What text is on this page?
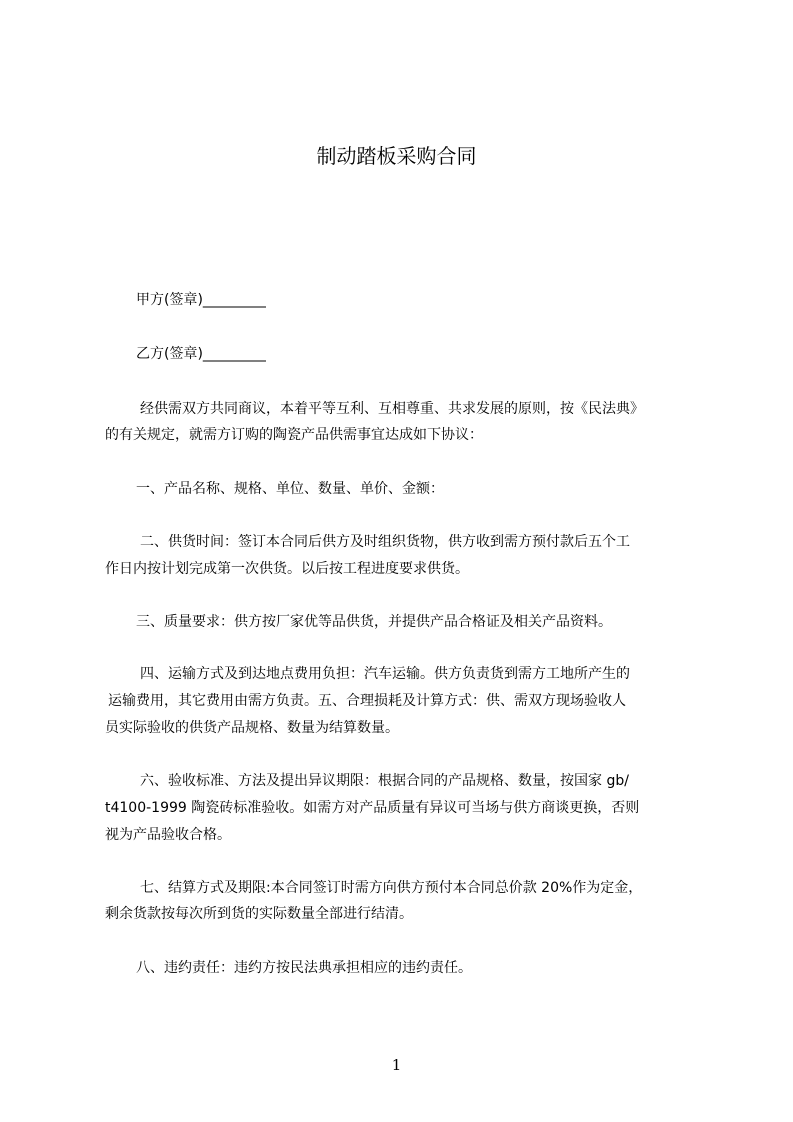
制动踏板采购合同
甲方(签章)_________
乙方(签章)_________
经供需双方共同商议，本着平等互利、互相尊重、共求发展的原则，按《民法典》
的有关规定，就需方订购的陶瓷产品供需事宜达成如下协议：
一、产品名称、规格、单位、数量、单价、金额：
二、供货时间：签订本合同后供方及时组织货物，供方收到需方预付款后五个工
作日内按计划完成第一次供货。以后按工程进度要求供货。
三、质量要求：供方按厂家优等品供货，并提供产品合格证及相关产品资料。
四、运输方式及到达地点费用负担：汽车运输。供方负责货到需方工地所产生的
运输费用，其它费用由需方负责。五、合理损耗及计算方式：供、需双方现场验收人
员实际验收的供货产品规格、数量为结算数量。
六、验收标准、方法及提出异议期限：根据合同的产品规格、数量，按国家 gb/
t4100-1999 陶瓷砖标准验收。如需方对产品质量有异议可当场与供方商谈更换，否则
视为产品验收合格。
七、结算方式及期限:本合同签订时需方向供方预付本合同总价款 20%作为定金，
剩余货款按每次所到货的实际数量全部进行结清。
八、违约责任：违约方按民法典承担相应的违约责任。
1
